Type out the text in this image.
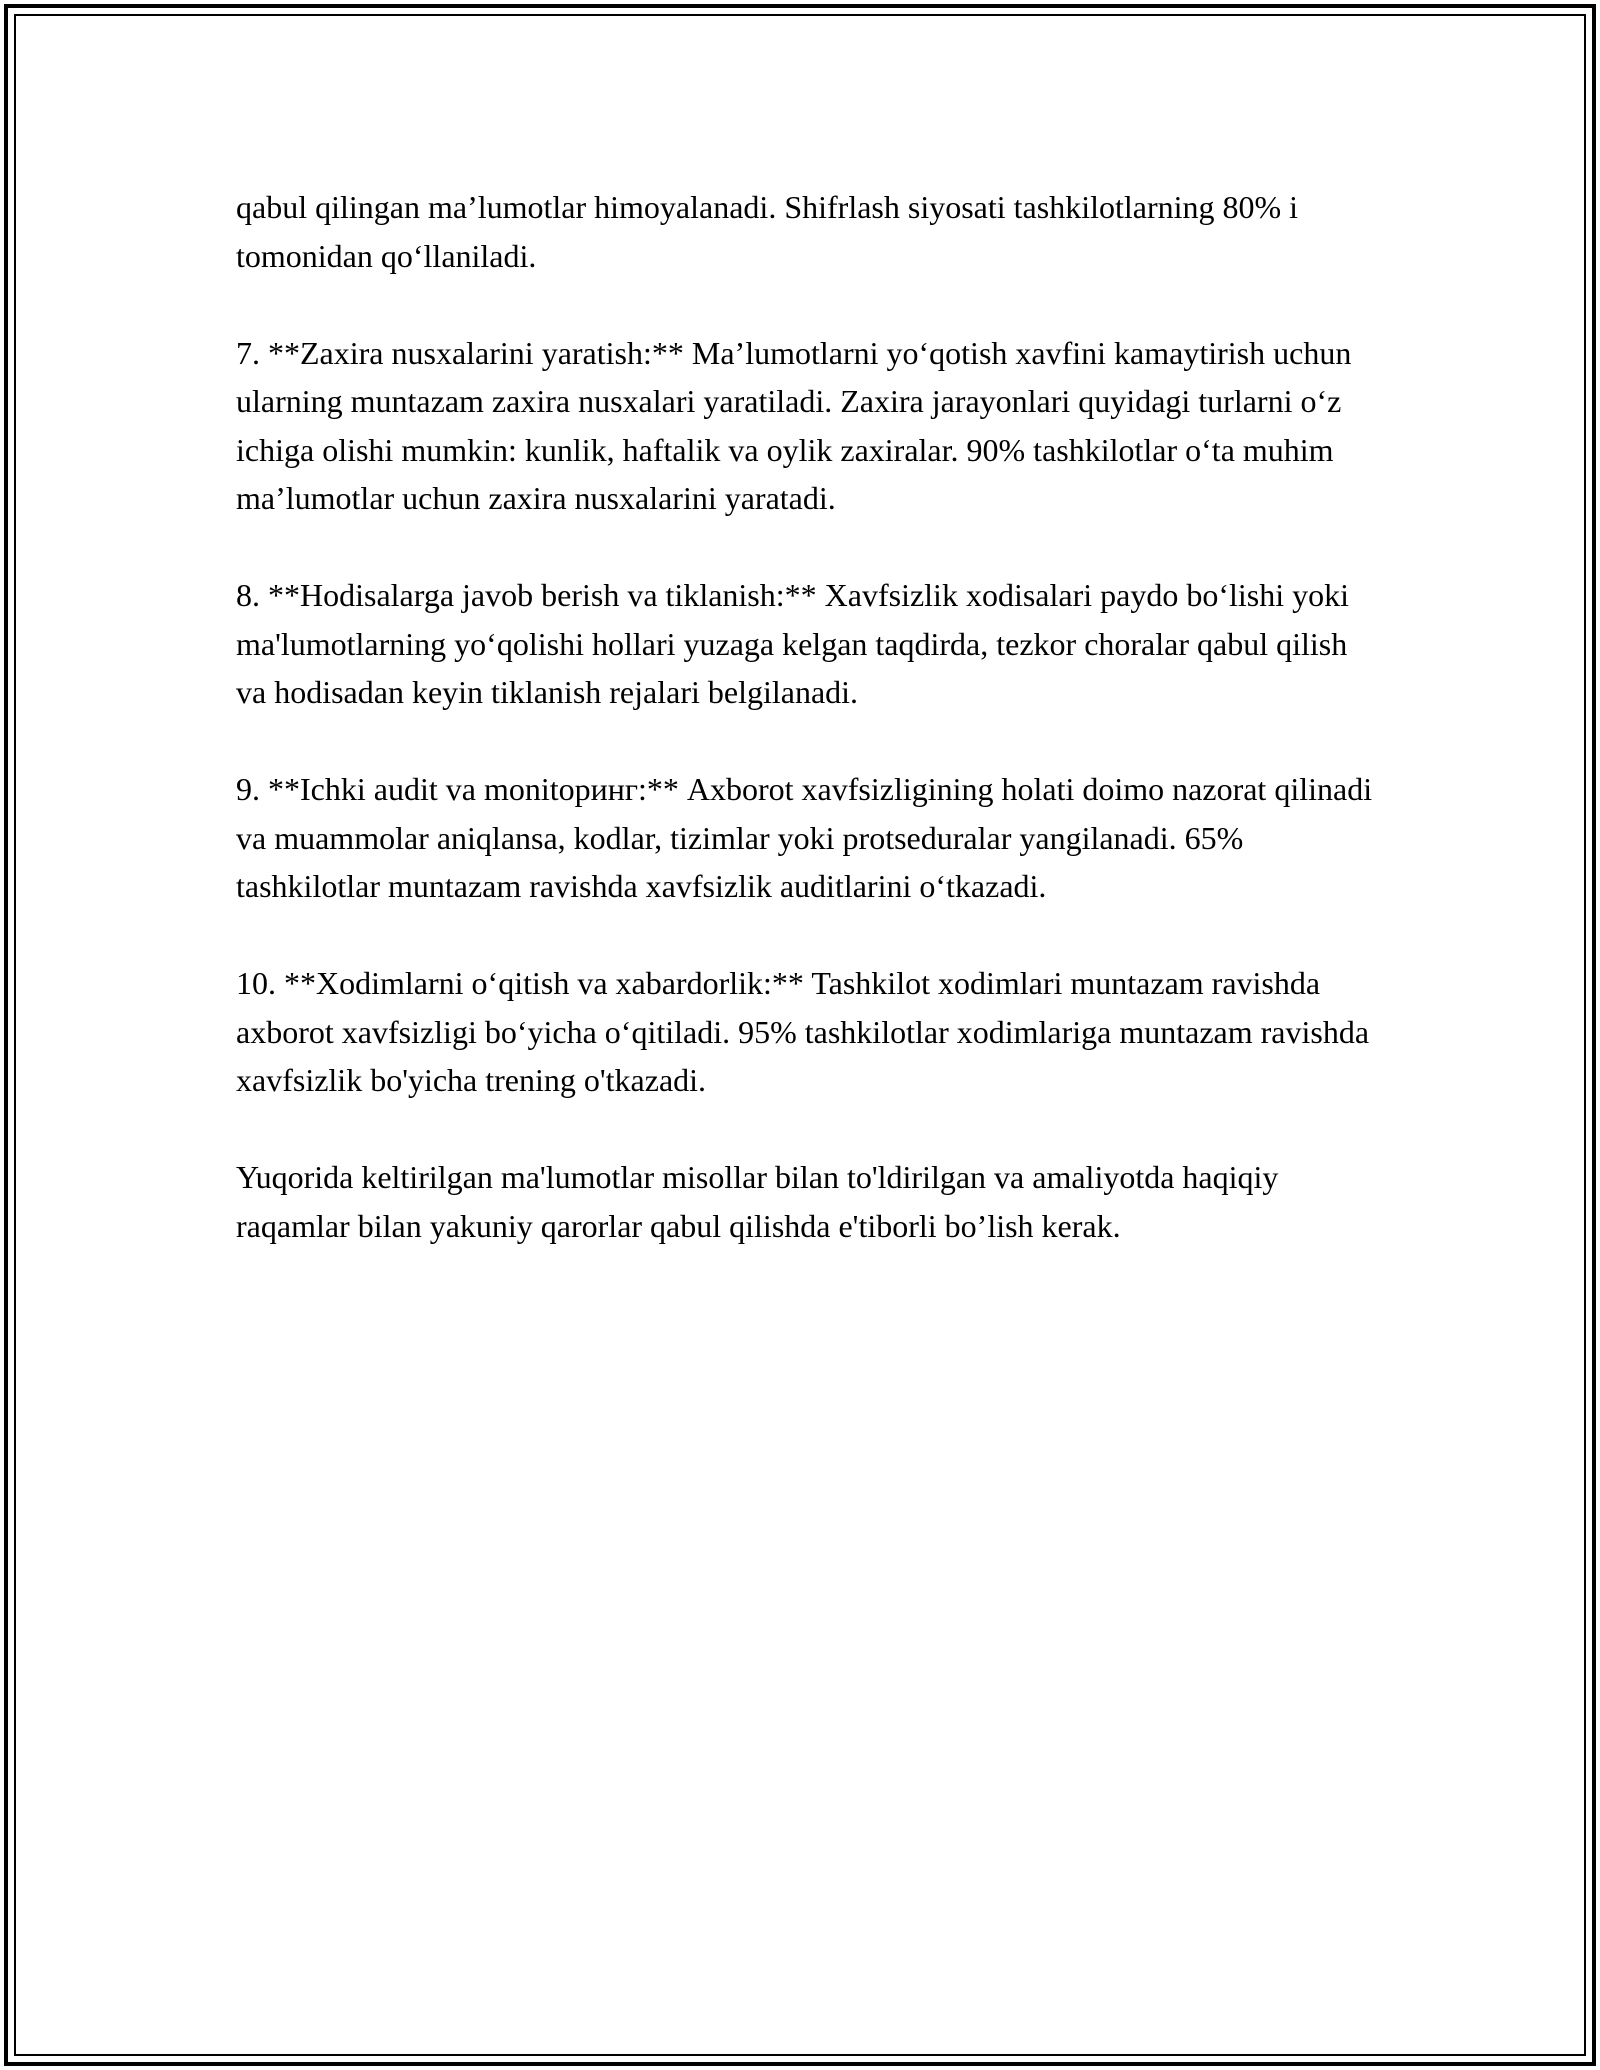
qabul qilingan ma’lumotlar himoyalanadi. Shifrlash siyosati tashkilotlarning 80% i tomonidan qo‘llaniladi.

7. **Zaxira nusxalarini yaratish:** Ma’lumotlarni yo‘qotish xavfini kamaytirish uchun ularning muntazam zaxira nusxalari yaratiladi. Zaxira jarayonlari quyidagi turlarni o‘z ichiga olishi mumkin: kunlik, haftalik va oylik zaxiralar. 90% tashkilotlar o‘ta muhim ma’lumotlar uchun zaxira nusxalarini yaratadi.

8. **Hodisalarga javob berish va tiklanish:** Xavfsizlik xodisalari paydo bo‘lishi yoki ma'lumotlarning yo‘qolishi hollari yuzaga kelgan taqdirda, tezkor choralar qabul qilish va hodisadan keyin tiklanish rejalari belgilanadi.

9. **Ichki audit va monitoринг:** Axborot xavfsizligining holati doimo nazorat qilinadi va muammolar aniqlansa, kodlar, tizimlar yoki protseduralar yangilanadi. 65% tashkilotlar muntazam ravishda xavfsizlik auditlarini o‘tkazadi.

10. **Xodimlarni o‘qitish va xabardorlik:** Tashkilot xodimlari muntazam ravishda axborot xavfsizligi bo‘yicha o‘qitiladi. 95% tashkilotlar xodimlariga muntazam ravishda xavfsizlik bo'yicha trening o'tkazadi.

Yuqorida keltirilgan ma'lumotlar misollar bilan to'ldirilgan va amaliyotda haqiqiy raqamlar bilan yakuniy qarorlar qabul qilishda e'tiborli bo’lish kerak.
